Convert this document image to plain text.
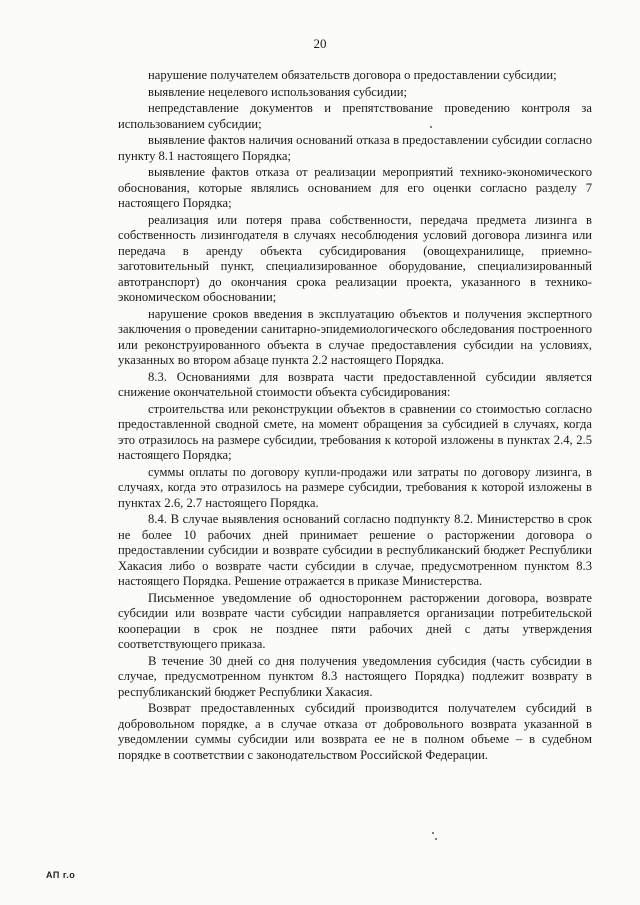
20

нарушение получателем обязательств договора о предоставлении субсидии;

выявление нецелевого использования субсидии;

непредставление документов и препятствование проведению контроля за использованием субсидии;

выявление фактов наличия оснований отказа в предоставлении субсидии согласно пункту 8.1 настоящего Порядка;

выявление фактов отказа от реализации мероприятий технико-экономического обоснования, которые являлись основанием для его оценки согласно разделу 7 настоящего Порядка;

реализация или потеря права собственности, передача предмета лизинга в собственность лизингодателя в случаях несоблюдения условий договора лизинга или передача в аренду объекта субсидирования (овощехранилище, приемно-заготовительный пункт, специализированное оборудование, специализированный автотранспорт) до окончания срока реализации проекта, указанного в технико-экономическом обосновании;

нарушение сроков введения в эксплуатацию объектов и получения экспертного заключения о проведении санитарно-эпидемиологического обследования построенного или реконструированного объекта в случае предоставления субсидии на условиях, указанных во втором абзаце пункта 2.2 настоящего Порядка.

8.3. Основаниями для возврата части предоставленной субсидии является снижение окончательной стоимости объекта субсидирования:

строительства или реконструкции объектов в сравнении со стоимостью согласно предоставленной сводной смете, на момент обращения за субсидией в случаях, когда это отразилось на размере субсидии, требования к которой изложены в пунктах 2.4, 2.5 настоящего Порядка;

суммы оплаты по договору купли-продажи или затраты по договору лизинга, в случаях, когда это отразилось на размере субсидии, требования к которой изложены в пунктах 2.6, 2.7 настоящего Порядка.

8.4. В случае выявления оснований согласно подпункту 8.2. Министерство в срок не более 10 рабочих дней принимает решение о расторжении договора о предоставлении субсидии и возврате субсидии в республиканский бюджет Республики Хакасия либо о возврате части субсидии в случае, предусмотренном пунктом 8.3 настоящего Порядка. Решение отражается в приказе Министерства.

Письменное уведомление об одностороннем расторжении договора, возврате субсидии или возврате части субсидии направляется организации потребительской кооперации в срок не позднее пяти рабочих дней с даты утверждения соответствующего приказа.

В течение 30 дней со дня получения уведомления субсидия (часть субсидии в случае, предусмотренном пунктом 8.3 настоящего Порядка) подлежит возврату в республиканский бюджет Республики Хакасия.

Возврат предоставленных субсидий производится получателем субсидий в добровольном порядке, а в случае отказа от добровольного возврата указанной в уведомлении суммы субсидии или возврата ее не в полном объеме – в судебном порядке в соответствии с законодательством Российской Федерации.

АП г.о
